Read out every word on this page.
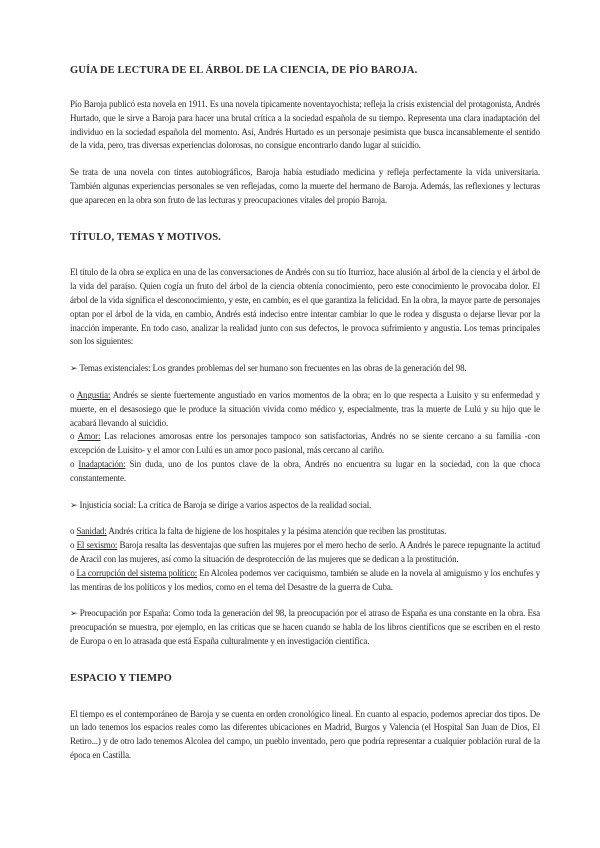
GUÍA DE LECTURA DE EL ÁRBOL DE LA CIENCIA, DE PÍO BAROJA.
Pío Baroja publicó esta novela en 1911. Es una novela típicamente noventayochista; refleja la crisis existencial del protagonista, Andrés Hurtado, que le sirve a Baroja para hacer una brutal crítica a la sociedad española de su tiempo. Representa una clara inadaptación del individuo en la sociedad española del momento. Así, Andrés Hurtado es un personaje pesimista que busca incansablemente el sentido de la vida, pero, tras diversas experiencias dolorosas, no consigue encontrarlo dando lugar al suicidio.
Se trata de una novela con tintes autobiográficos, Baroja había estudiado medicina y refleja perfectamente la vida universitaria. También algunas experiencias personales se ven reflejadas, como la muerte del hermano de Baroja. Además, las reflexiones y lecturas que aparecen en la obra son fruto de las lecturas y preocupaciones vitales del propio Baroja.
TÍTULO, TEMAS Y MOTIVOS.
El título de la obra se explica en una de las conversaciones de Andrés con su tío Iturrioz, hace alusión al árbol de la ciencia y el árbol de la vida del paraíso. Quien cogía un fruto del árbol de la ciencia obtenía conocimiento, pero este conocimiento le provocaba dolor. El árbol de la vida significa el desconocimiento, y este, en cambio, es el que garantiza la felicidad. En la obra, la mayor parte de personajes optan por el árbol de la vida, en cambio, Andrés está indeciso entre intentar cambiar lo que le rodea y disgusta o dejarse llevar por la inacción imperante. En todo caso, analizar la realidad junto con sus defectos, le provoca sufrimiento y angustia. Los temas principales son los siguientes:
➢ Temas existenciales: Los grandes problemas del ser humano son frecuentes en las obras de la generación del 98.
o Angustia: Andrés se siente fuertemente angustiado en varios momentos de la obra; en lo que respecta a Luisito y su enfermedad y muerte, en el desasosiego que le produce la situación vivida como médico y, especialmente, tras la muerte de Lulú y su hijo que le acabará llevando al suicidio.
o Amor: Las relaciones amorosas entre los personajes tampoco son satisfactorias, Andrés no se siente cercano a su familia -con excepción de Luisito- y el amor con Lulú es un amor poco pasional, más cercano al cariño.
o Inadaptación: Sin duda, uno de los puntos clave de la obra, Andrés no encuentra su lugar en la sociedad, con la que choca constantemente.
➢ Injusticia social: La crítica de Baroja se dirige a varios aspectos de la realidad social.
o Sanidad: Andrés critica la falta de higiene de los hospitales y la pésima atención que reciben las prostitutas.
o El sexismo: Baroja resalta las desventajas que sufren las mujeres por el mero hecho de serlo. A Andrés le parece repugnante la actitud de Aracil con las mujeres, así como la situación de desprotección de las mujeres que se dedican a la prostitución.
o La corrupción del sistema político: En Alcolea podemos ver caciquismo, también se alude en la novela al amiguismo y los enchufes y las mentiras de los políticos y los medios, como en el tema del Desastre de la guerra de Cuba.
➢ Preocupación por España: Como toda la generación del 98, la preocupación por el atraso de España es una constante en la obra. Esa preocupación se muestra, por ejemplo, en las críticas que se hacen cuando se habla de los libros científicos que se escriben en el resto de Europa o en lo atrasada que está España culturalmente y en investigación científica.
ESPACIO Y TIEMPO
El tiempo es el contemporáneo de Baroja y se cuenta en orden cronológico lineal. En cuanto al espacio, podemos apreciar dos tipos. De un lado tenemos los espacios reales como las diferentes ubicaciones en Madrid, Burgos y Valencia (el Hospital San Juan de Dios, El Retiro...) y de otro lado tenemos Alcolea del campo, un pueblo inventado, pero que podría representar a cualquier población rural de la época en Castilla.
